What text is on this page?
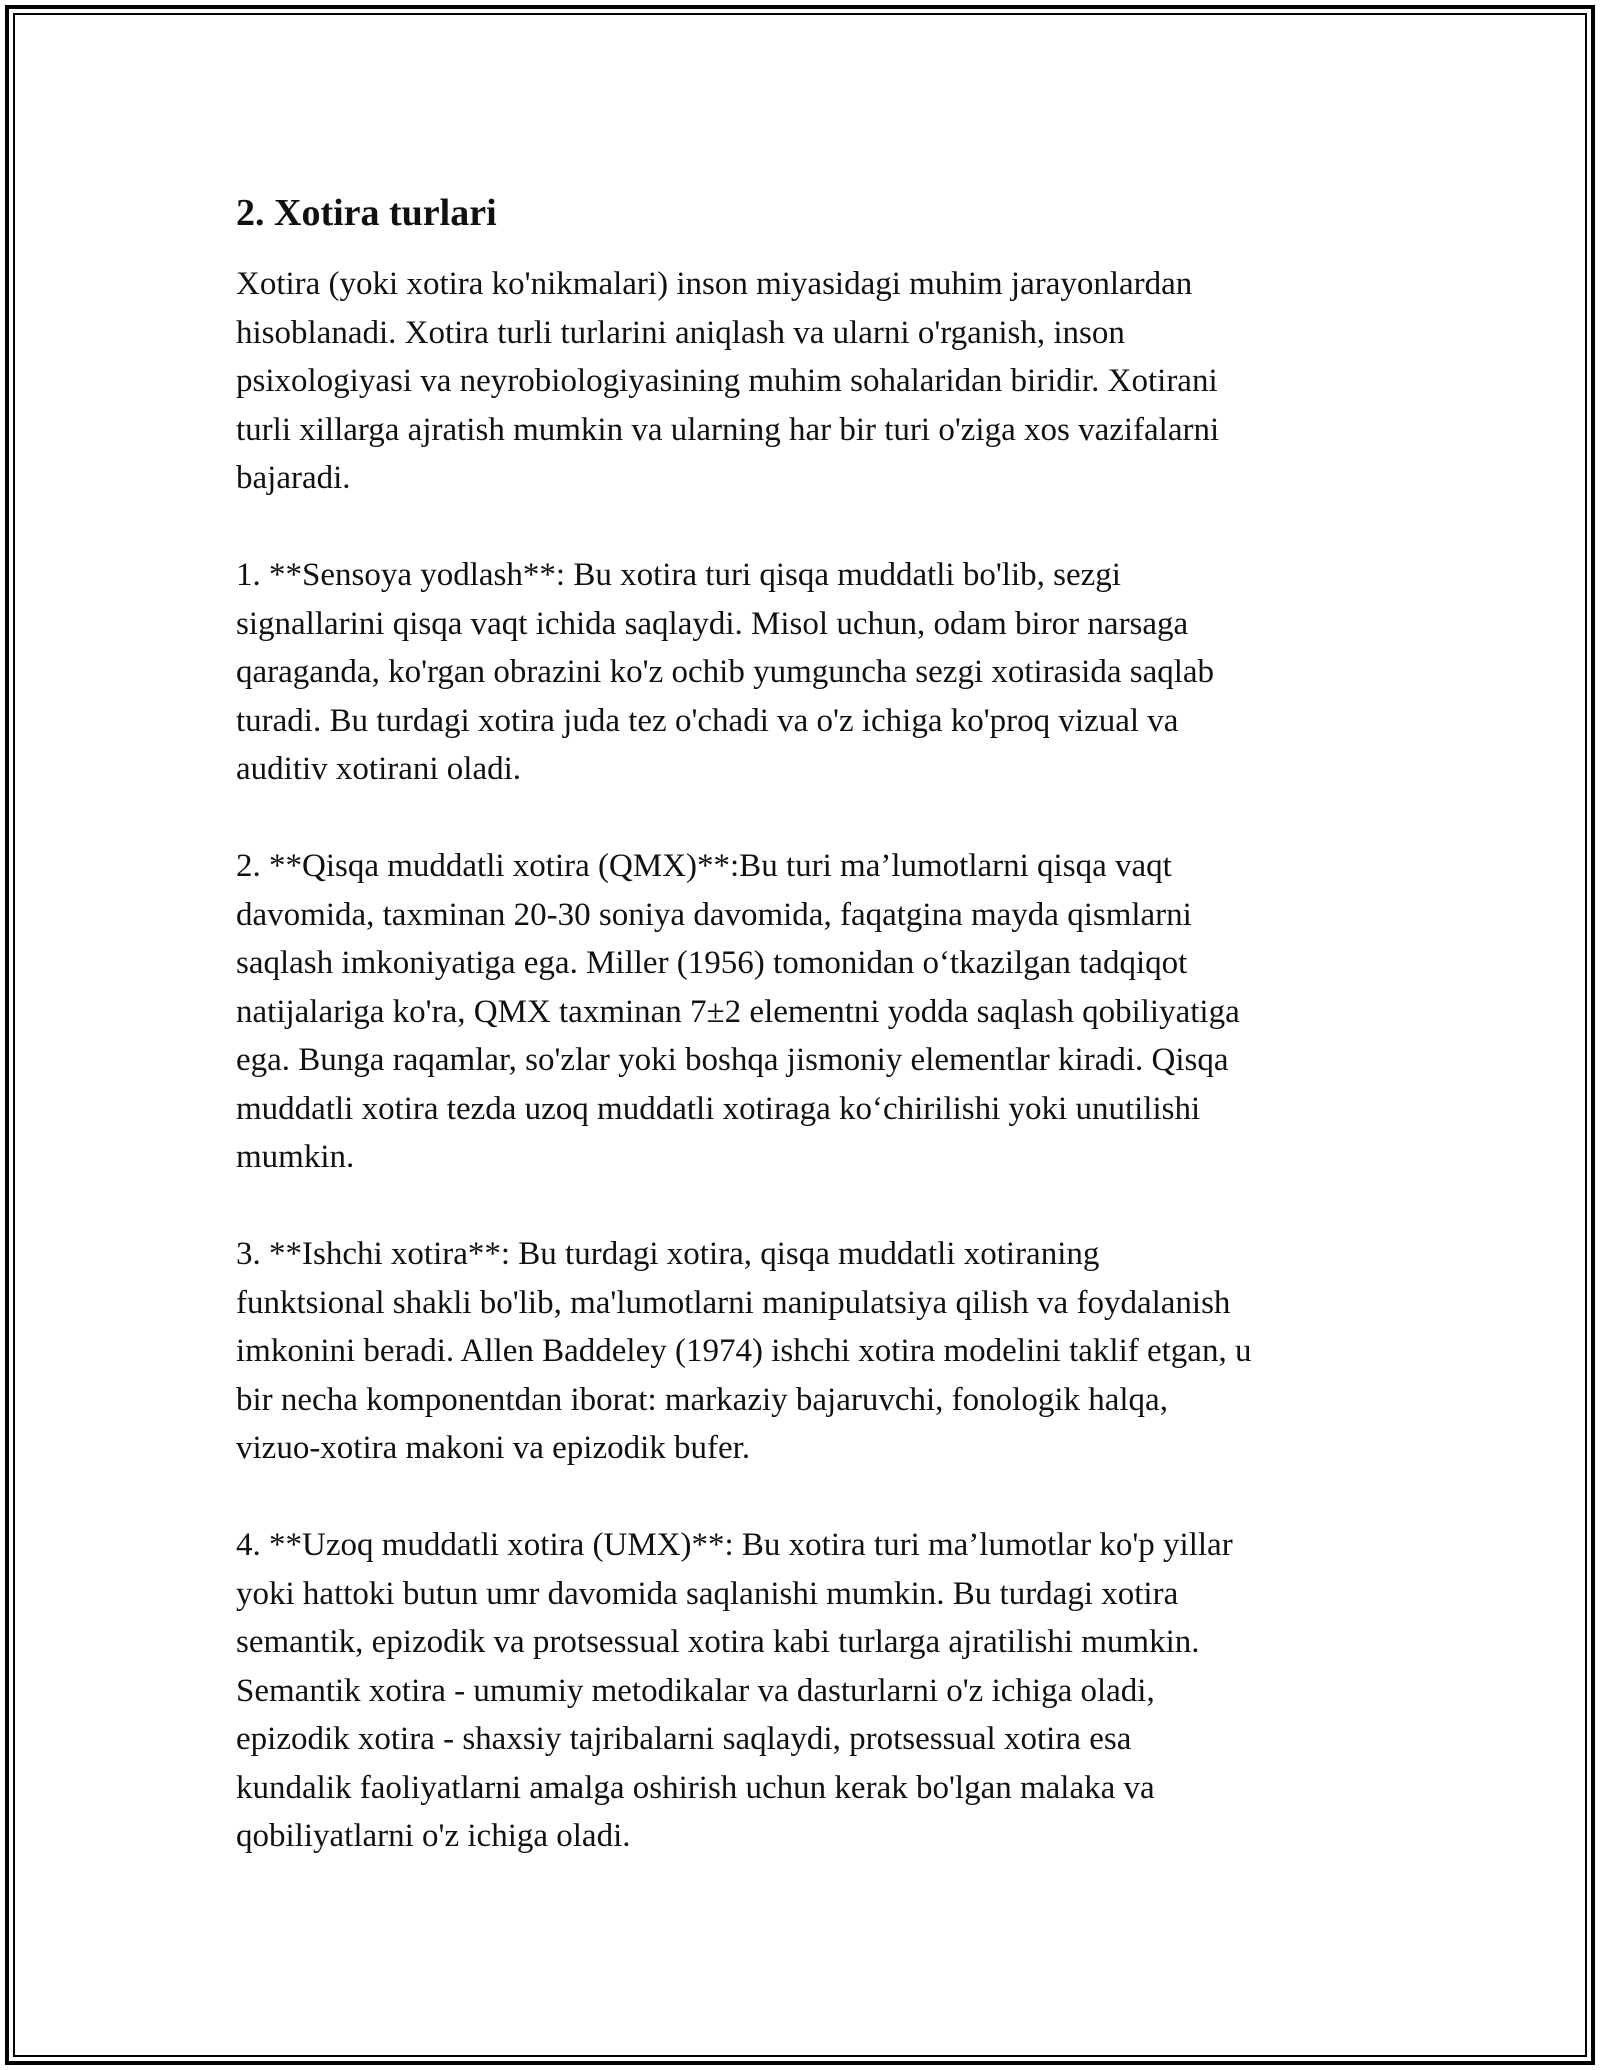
2. Xotira turlari

Xotira (yoki xotira ko'nikmalari) inson miyasidagi muhim jarayonlardan
hisoblanadi. Xotira turli turlarini aniqlash va ularni o'rganish, inson
psixologiyasi va neyrobiologiyasining muhim sohalaridan biridir. Xotirani
turli xillarga ajratish mumkin va ularning har bir turi o'ziga xos vazifalarni
bajaradi.

1. **Sensoya yodlash**: Bu xotira turi qisqa muddatli bo'lib, sezgi
signallarini qisqa vaqt ichida saqlaydi. Misol uchun, odam biror narsaga
qaraganda, ko'rgan obrazini ko'z ochib yumguncha sezgi xotirasida saqlab
turadi. Bu turdagi xotira juda tez o'chadi va o'z ichiga ko'proq vizual va
auditiv xotirani oladi.

2. **Qisqa muddatli xotira (QMX)**:Bu turi ma’lumotlarni qisqa vaqt
davomida, taxminan 20-30 soniya davomida, faqatgina mayda qismlarni
saqlash imkoniyatiga ega. Miller (1956) tomonidan o‘tkazilgan tadqiqot
natijalariga ko'ra, QMX taxminan 7±2 elementni yodda saqlash qobiliyatiga
ega. Bunga raqamlar, so'zlar yoki boshqa jismoniy elementlar kiradi. Qisqa
muddatli xotira tezda uzoq muddatli xotiraga ko‘chirilishi yoki unutilishi
mumkin.

3. **Ishchi xotira**: Bu turdagi xotira, qisqa muddatli xotiraning
funktsional shakli bo'lib, ma'lumotlarni manipulatsiya qilish va foydalanish
imkonini beradi. Allen Baddeley (1974) ishchi xotira modelini taklif etgan, u
bir necha komponentdan iborat: markaziy bajaruvchi, fonologik halqa,
vizuo-xotira makoni va epizodik bufer.

4. **Uzoq muddatli xotira (UMX)**: Bu xotira turi ma’lumotlar ko'p yillar
yoki hattoki butun umr davomida saqlanishi mumkin. Bu turdagi xotira
semantik, epizodik va protsessual xotira kabi turlarga ajratilishi mumkin.
Semantik xotira - umumiy metodikalar va dasturlarni o'z ichiga oladi,
epizodik xotira - shaxsiy tajribalarni saqlaydi, protsessual xotira esa
kundalik faoliyatlarni amalga oshirish uchun kerak bo'lgan malaka va
qobiliyatlarni o'z ichiga oladi.
